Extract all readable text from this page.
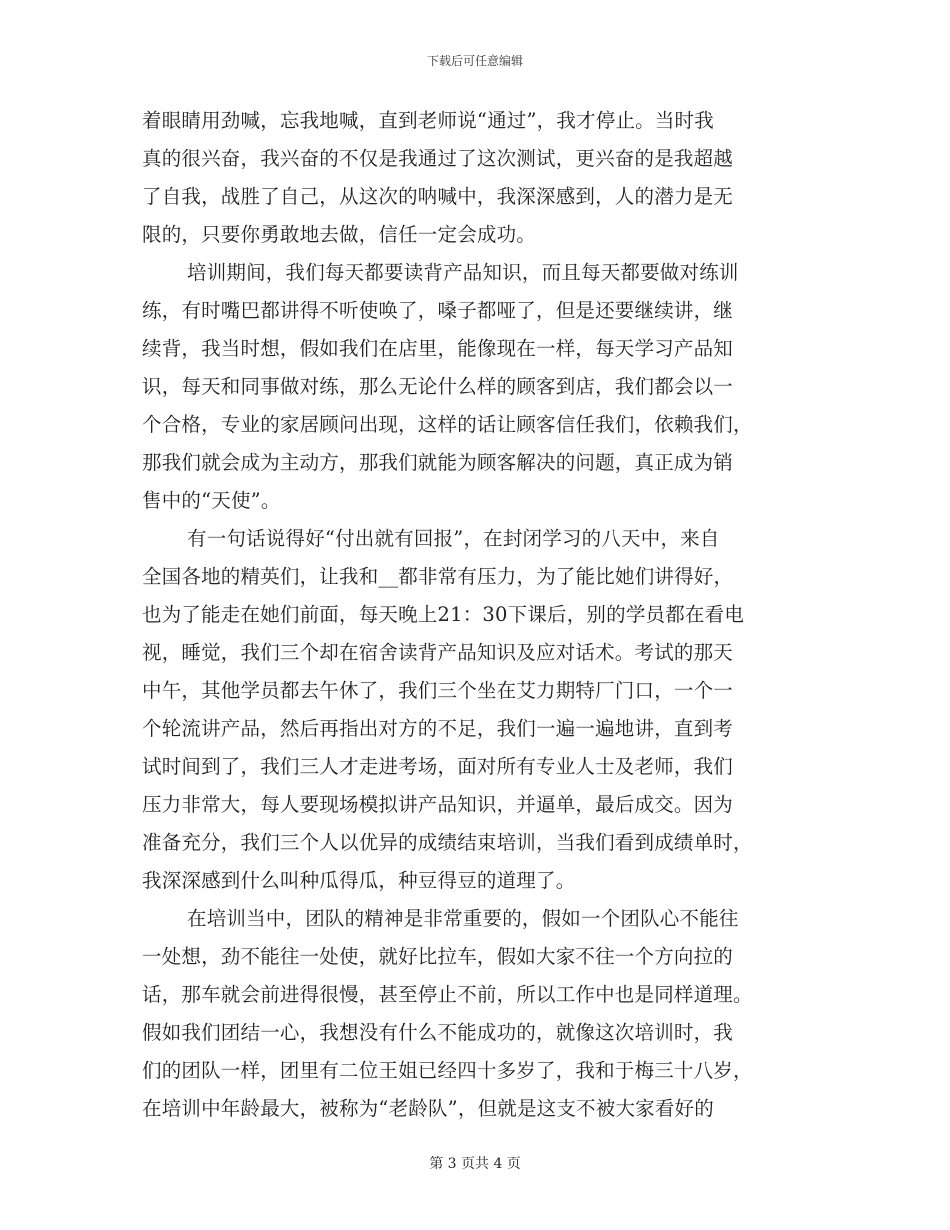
下载后可任意编辑
着眼睛用劲喊，忘我地喊，直到老师说“通过”，我才停止。当时我
真的很兴奋，我兴奋的不仅是我通过了这次测试，更兴奋的是我超越
了自我，战胜了自己，从这次的呐喊中，我深深感到，人的潜力是无
限的，只要你勇敢地去做，信任一定会成功。
培训期间，我们每天都要读背产品知识，而且每天都要做对练训
练，有时嘴巴都讲得不听使唤了，嗓子都哑了，但是还要继续讲，继
续背，我当时想，假如我们在店里，能像现在一样，每天学习产品知
识，每天和同事做对练，那么无论什么样的顾客到店，我们都会以一
个合格，专业的家居顾问出现，这样的话让顾客信任我们，依赖我们，
那我们就会成为主动方，那我们就能为顾客解决的问题，真正成为销
售中的“天使”。
有一句话说得好“付出就有回报”，在封闭学习的八天中，来自
全国各地的精英们，让我和__都非常有压力，为了能比她们讲得好，
也为了能走在她们前面，每天晚上21：30下课后，别的学员都在看电
视，睡觉，我们三个却在宿舍读背产品知识及应对话术。考试的那天
中午，其他学员都去午休了，我们三个坐在艾力期特厂门口，一个一
个轮流讲产品，然后再指出对方的不足，我们一遍一遍地讲，直到考
试时间到了，我们三人才走进考场，面对所有专业人士及老师，我们
压力非常大，每人要现场模拟讲产品知识，并逼单，最后成交。因为
准备充分，我们三个人以优异的成绩结束培训，当我们看到成绩单时，
我深深感到什么叫种瓜得瓜，种豆得豆的道理了。
在培训当中，团队的精神是非常重要的，假如一个团队心不能往
一处想，劲不能往一处使，就好比拉车，假如大家不往一个方向拉的
话，那车就会前进得很慢，甚至停止不前，所以工作中也是同样道理。
假如我们团结一心，我想没有什么不能成功的，就像这次培训时，我
们的团队一样，团里有二位王姐已经四十多岁了，我和于梅三十八岁，
在培训中年龄最大，被称为“老龄队”，但就是这支不被大家看好的
第 3 页共 4 页
